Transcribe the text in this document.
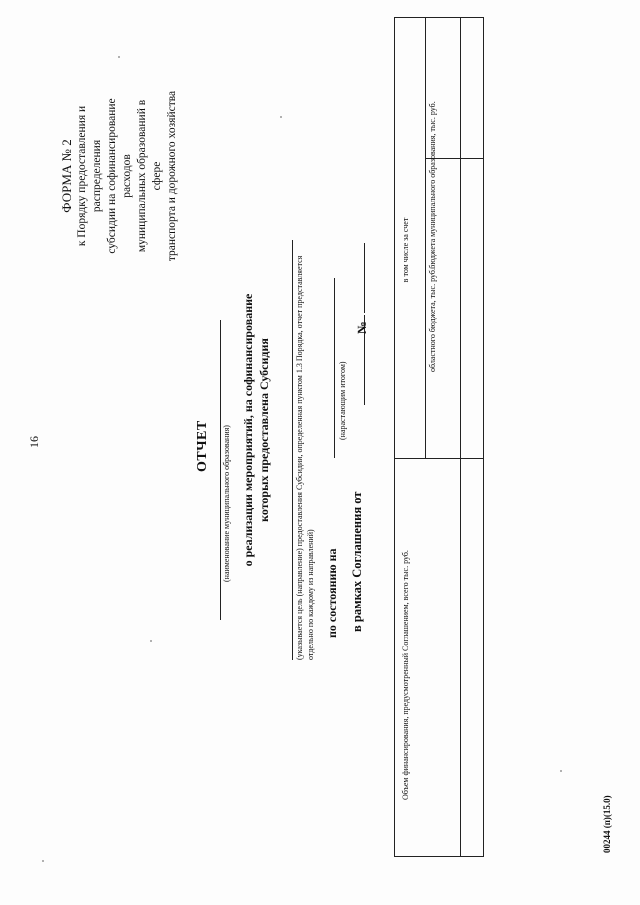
16
ФОРМА № 2 к Порядку предоставления и распределения субсидии на софинансирование расходов муниципальных образований в сфере транспорта и дорожного хозяйства
ОТЧЕТ (наименование муниципального образования) о реализации мероприятий, на софинансирование которых предоставлена Субсидия	(указывается цель (направление) предоставления Субсидии, определенная пунктом 1.3 Порядка, отчет представляется отдельно по каждому из направлений) по состоянию на
(нарастающим итогом)
в рамках Соглашения от
№
Объем финансирования, предусмотренный Соглашением, всего тыс. руб.
в том числе за счет
областного бюджета, тыс. руб.
бюджета муниципального образования, тыс. руб.
00244 (п)(15.0)
